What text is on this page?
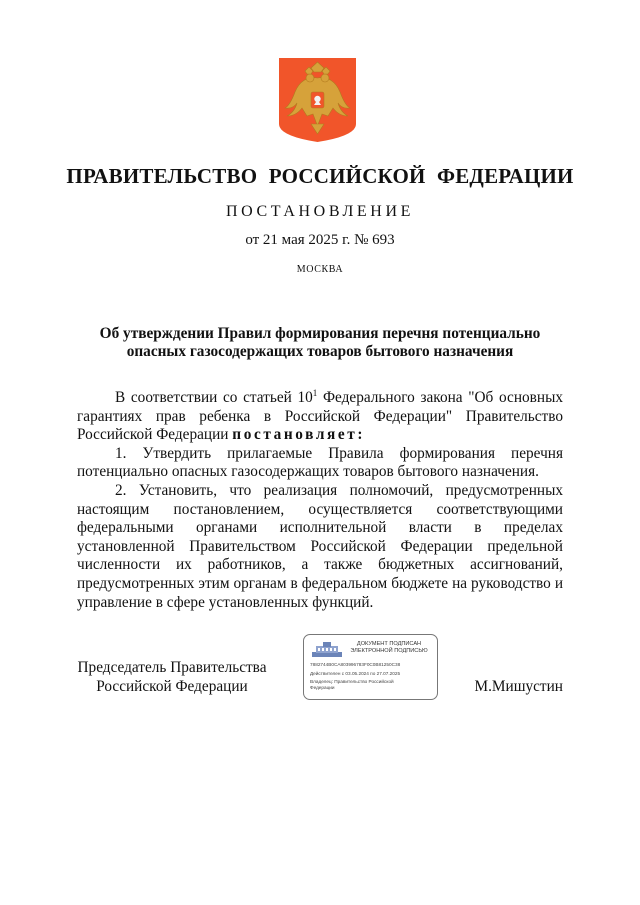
ПРАВИТЕЛЬСТВО РОССИЙСКОЙ ФЕДЕРАЦИИ
ПОСТАНОВЛЕНИЕ
от 21 мая 2025 г. № 693
МОСКВА
Об утверждении Правил формирования перечня потенциально
опасных газосодержащих товаров бытового назначения

В соответствии со статьей $10^1$ Федерального закона "Об основных гарантиях прав ребенка в Российской Федерации" Правительство Российской Федерации постановляет:

1. Утвердить прилагаемые Правила формирования перечня потенциально опасных газосодержащих товаров бытового назначения.

2. Установить, что реализация полномочий, предусмотренных настоящим постановлением, осуществляется соответствующими федеральными органами исполнительной власти в пределах установленной Правительством Российской Федерации предельной численности их работников, а также бюджетных ассигнований, предусмотренных этим органам в федеральном бюджете на руководство и управление в сфере установленных функций.

Председатель Правительства
Российской Федерации
ДОКУМЕНТ ПОДПИСАН
ЭЛЕКТРОННОЙ ПОДПИСЬЮ
7882744B0CA803996783F0C0B81250C38
Действителен с 03.05.2024 по 27.07.2025
Владелец: Правительство Российской
Федерации	М.Мишустин
